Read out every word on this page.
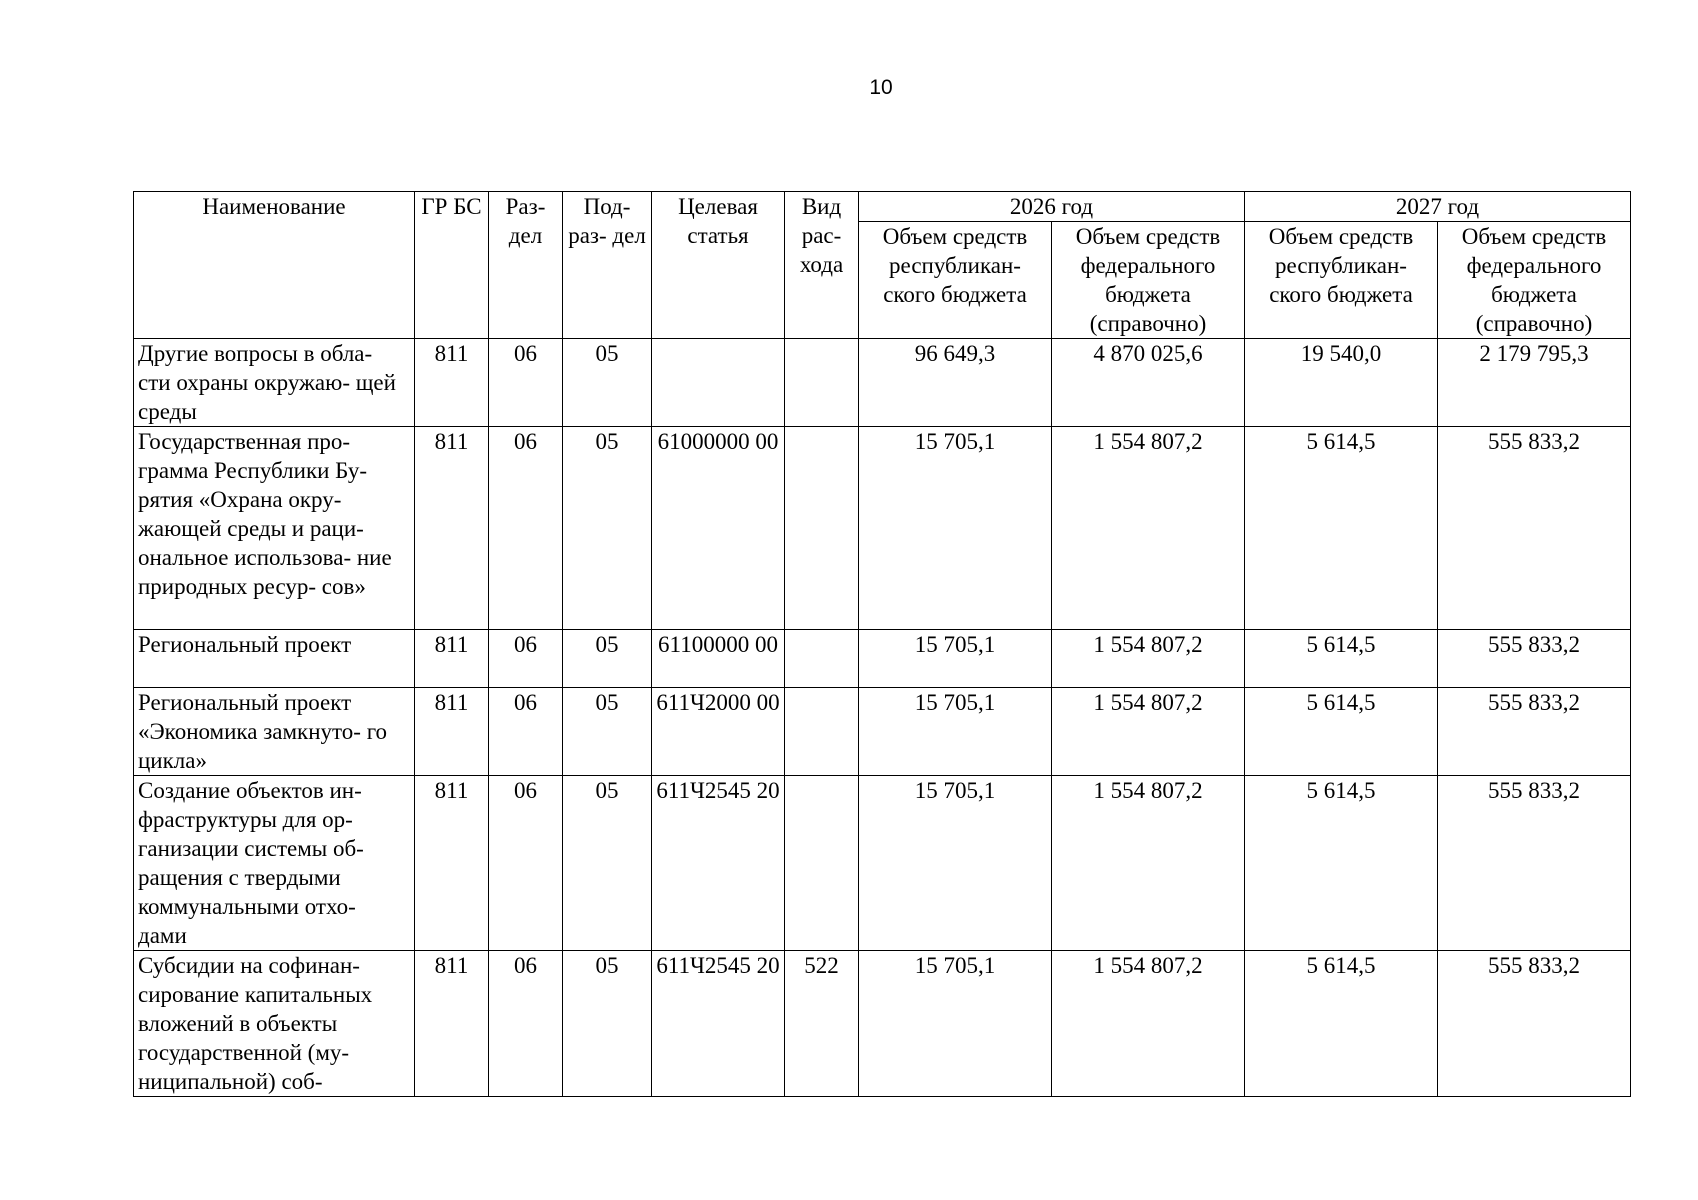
10
Наименование	ГР БС	Раз- дел	Под- раз- дел	Целевая статья	Вид рас- хода	2026 год		2027 год	
						Объем средств республикан- ского бюджета	Объем средств федерального бюджета (справочно)	Объем средств республикан- ского бюджета	Объем средств федерального бюджета (справочно)
Другие вопросы в обла- сти охраны окружаю- щей среды	811	06	05			96 649,3	4 870 025,6	19 540,0	2 179 795,3
Государственная про- грамма Республики Бу- рятия «Охрана окру- жающей среды и раци- ональное использова- ние природных ресур- сов»	811	06	05	61000000 00		15 705,1	1 554 807,2	5 614,5	555 833,2
Региональный проект	811	06	05	61100000 00		15 705,1	1 554 807,2	5 614,5	555 833,2
Региональный проект «Экономика замкнуто- го цикла»	811	06	05	611Ч2000 00		15 705,1	1 554 807,2	5 614,5	555 833,2
Создание объектов ин- фраструктуры для ор- ганизации системы об- ращения с твердыми коммунальными отхо- дами	811	06	05	611Ч2545 20		15 705,1	1 554 807,2	5 614,5	555 833,2
Субсидии на софинан- сирование капитальных вложений в объекты государственной (му- ниципальной) соб-	811	06	05	611Ч2545 20	522	15 705,1	1 554 807,2	5 614,5	555 833,2
